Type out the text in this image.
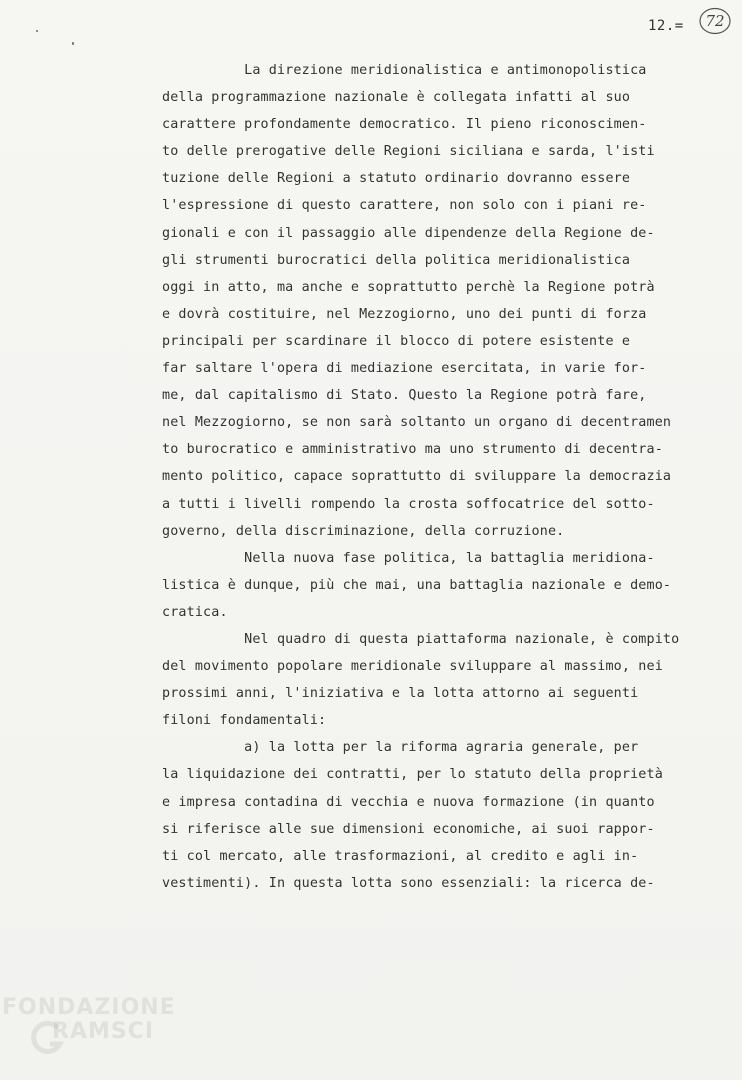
12.=	72
La direzione meridionalistica e antimonopolistica
della programmazione nazionale è collegata infatti al suo
carattere profondamente democratico. Il pieno riconoscimen-
to delle prerogative delle Regioni siciliana e sarda, l'isti
tuzione delle Regioni a statuto ordinario dovranno essere
l'espressione di questo carattere, non solo con i piani re-
gionali e con il passaggio alle dipendenze della Regione de-
gli strumenti burocratici della politica meridionalistica
oggi in atto, ma anche e soprattutto perchè la Regione potrà
e dovrà costituire, nel Mezzogiorno, uno dei punti di forza
principali per scardinare il blocco di potere esistente e
far saltare l'opera di mediazione esercitata, in varie for-
me, dal capitalismo di Stato. Questo la Regione potrà fare,
nel Mezzogiorno, se non sarà soltanto un organo di decentramen
to burocratico e amministrativo ma uno strumento di decentra-
mento politico, capace soprattutto di sviluppare la democrazia
a tutti i livelli rompendo la crosta soffocatrice del sotto-
governo, della discriminazione, della corruzione.
Nella nuova fase politica, la battaglia meridiona-
listica è dunque, più che mai, una battaglia nazionale e demo-
cratica.
Nel quadro di questa piattaforma nazionale, è compito
del movimento popolare meridionale sviluppare al massimo, nei
prossimi anni, l'iniziativa e la lotta attorno ai seguenti
filoni fondamentali:
a) la lotta per la riforma agraria generale, per
la liquidazione dei contratti, per lo statuto della proprietà
e impresa contadina di vecchia e nuova formazione (in quanto
si riferisce alle sue dimensioni economiche, ai suoi rappor-
ti col mercato, alle trasformazioni, al credito e agli in-
vestimenti). In questa lotta sono essenziali: la ricerca de-
FONDAZIONE
RAMSCI
